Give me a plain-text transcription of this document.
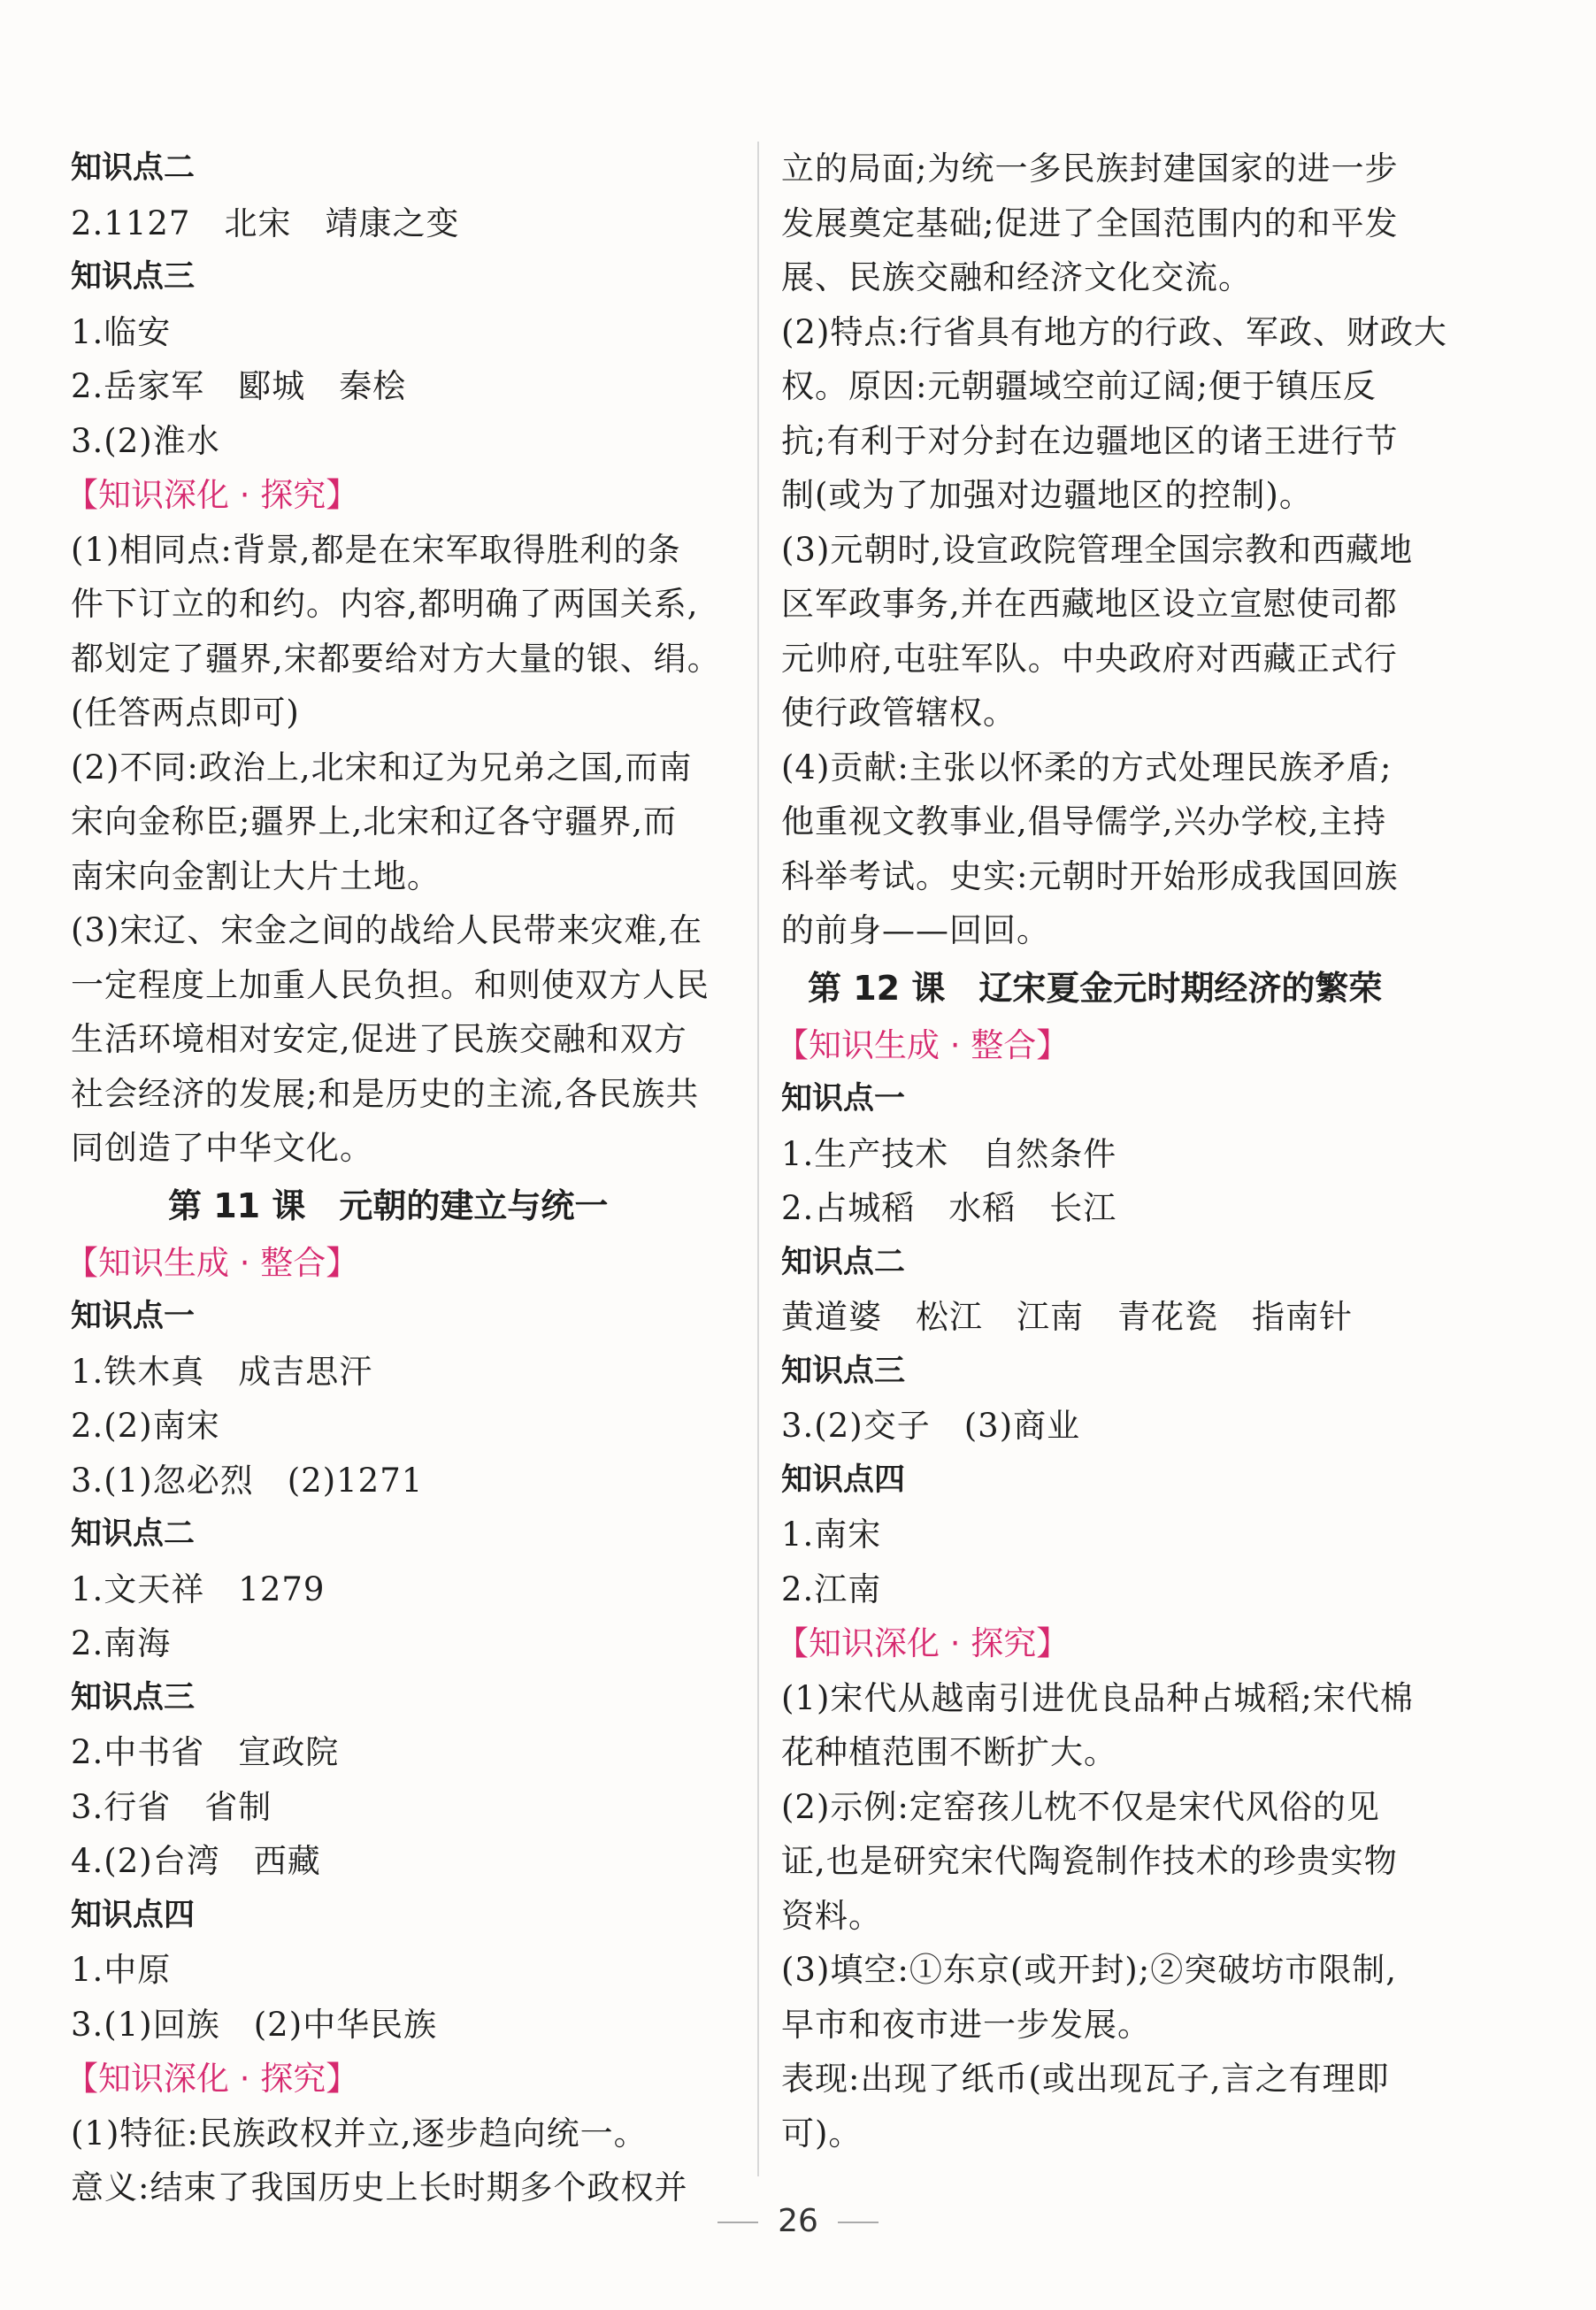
知识点二
2.1127　北宋　靖康之变
知识点三
1.临安
2.岳家军　郾城　秦桧
3.(2)淮水
【知识深化 · 探究】
(1)相同点:背景,都是在宋军取得胜利的条
件下订立的和约。内容,都明确了两国关系,
都划定了疆界,宋都要给对方大量的银、绢。
(任答两点即可)
(2)不同:政治上,北宋和辽为兄弟之国,而南
宋向金称臣;疆界上,北宋和辽各守疆界,而
南宋向金割让大片土地。
(3)宋辽、宋金之间的战给人民带来灾难,在
一定程度上加重人民负担。和则使双方人民
生活环境相对安定,促进了民族交融和双方
社会经济的发展;和是历史的主流,各民族共
同创造了中华文化。
第 11 课　元朝的建立与统一
【知识生成 · 整合】
知识点一
1.铁木真　成吉思汗
2.(2)南宋
3.(1)忽必烈　(2)1271
知识点二
1.文天祥　1279
2.南海
知识点三
2.中书省　宣政院
3.行省　省制
4.(2)台湾　西藏
知识点四
1.中原
3.(1)回族　(2)中华民族
【知识深化 · 探究】
(1)特征:民族政权并立,逐步趋向统一。
意义:结束了我国历史上长时期多个政权并
立的局面;为统一多民族封建国家的进一步
发展奠定基础;促进了全国范围内的和平发
展、民族交融和经济文化交流。
(2)特点:行省具有地方的行政、军政、财政大
权。原因:元朝疆域空前辽阔;便于镇压反
抗;有利于对分封在边疆地区的诸王进行节
制(或为了加强对边疆地区的控制)。
(3)元朝时,设宣政院管理全国宗教和西藏地
区军政事务,并在西藏地区设立宣慰使司都
元帅府,屯驻军队。中央政府对西藏正式行
使行政管辖权。
(4)贡献:主张以怀柔的方式处理民族矛盾;
他重视文教事业,倡导儒学,兴办学校,主持
科举考试。史实:元朝时开始形成我国回族
的前身——回回。
第 12 课　辽宋夏金元时期经济的繁荣
【知识生成 · 整合】
知识点一
1.生产技术　自然条件
2.占城稻　水稻　长江
知识点二
黄道婆　松江　江南　青花瓷　指南针
知识点三
3.(2)交子　(3)商业
知识点四
1.南宋
2.江南
【知识深化 · 探究】
(1)宋代从越南引进优良品种占城稻;宋代棉
花种植范围不断扩大。
(2)示例:定窑孩儿枕不仅是宋代风俗的见
证,也是研究宋代陶瓷制作技术的珍贵实物
资料。
(3)填空:①东京(或开封);②突破坊市限制,
早市和夜市进一步发展。
表现:出现了纸币(或出现瓦子,言之有理即
可)。
26
